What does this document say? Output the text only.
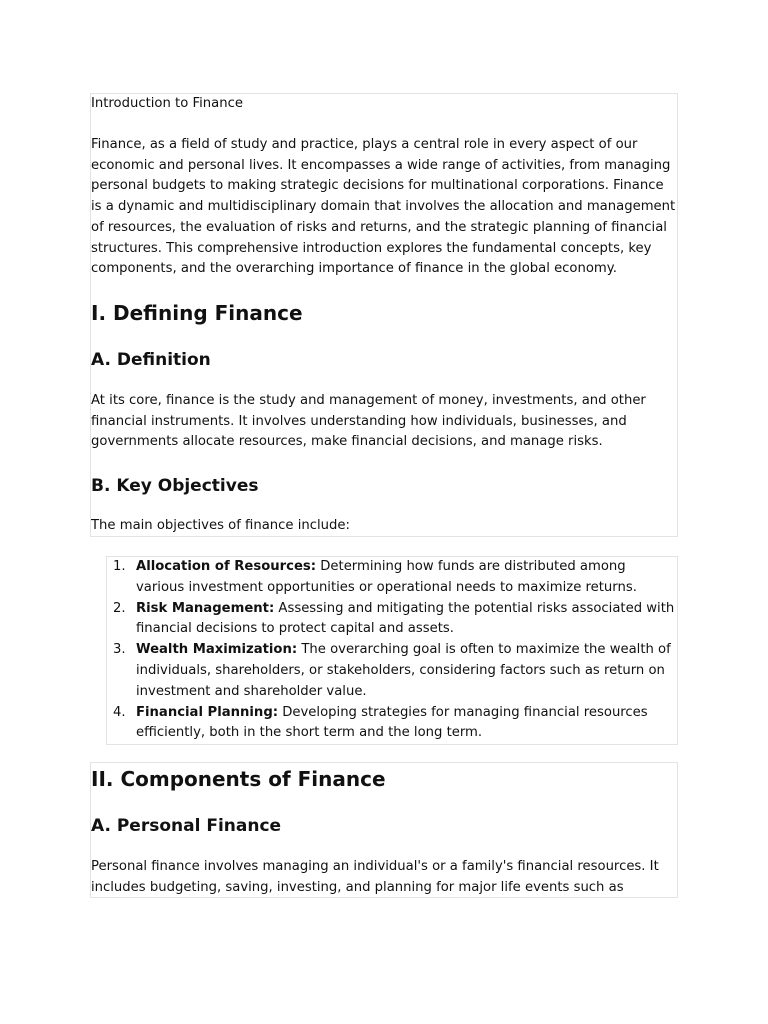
Introduction to Finance

Finance, as a field of study and practice, plays a central role in every aspect of our economic and personal lives. It encompasses a wide range of activities, from managing personal budgets to making strategic decisions for multinational corporations. Finance is a dynamic and multidisciplinary domain that involves the allocation and management of resources, the evaluation of risks and returns, and the strategic planning of financial structures. This comprehensive introduction explores the fundamental concepts, key components, and the overarching importance of finance in the global economy.

I. Defining Finance
A. Definition

At its core, finance is the study and management of money, investments, and other financial instruments. It involves understanding how individuals, businesses, and governments allocate resources, make financial decisions, and manage risks.

B. Key Objectives

The main objectives of finance include:

1. Allocation of Resources: Determining how funds are distributed among various investment opportunities or operational needs to maximize returns.
2. Risk Management: Assessing and mitigating the potential risks associated with financial decisions to protect capital and assets.
3. Wealth Maximization: The overarching goal is often to maximize the wealth of individuals, shareholders, or stakeholders, considering factors such as return on investment and shareholder value.
4. Financial Planning: Developing strategies for managing financial resources efficiently, both in the short term and the long term.
II. Components of Finance
A. Personal Finance

Personal finance involves managing an individual's or a family's financial resources. It includes budgeting, saving, investing, and planning for major life events such as
